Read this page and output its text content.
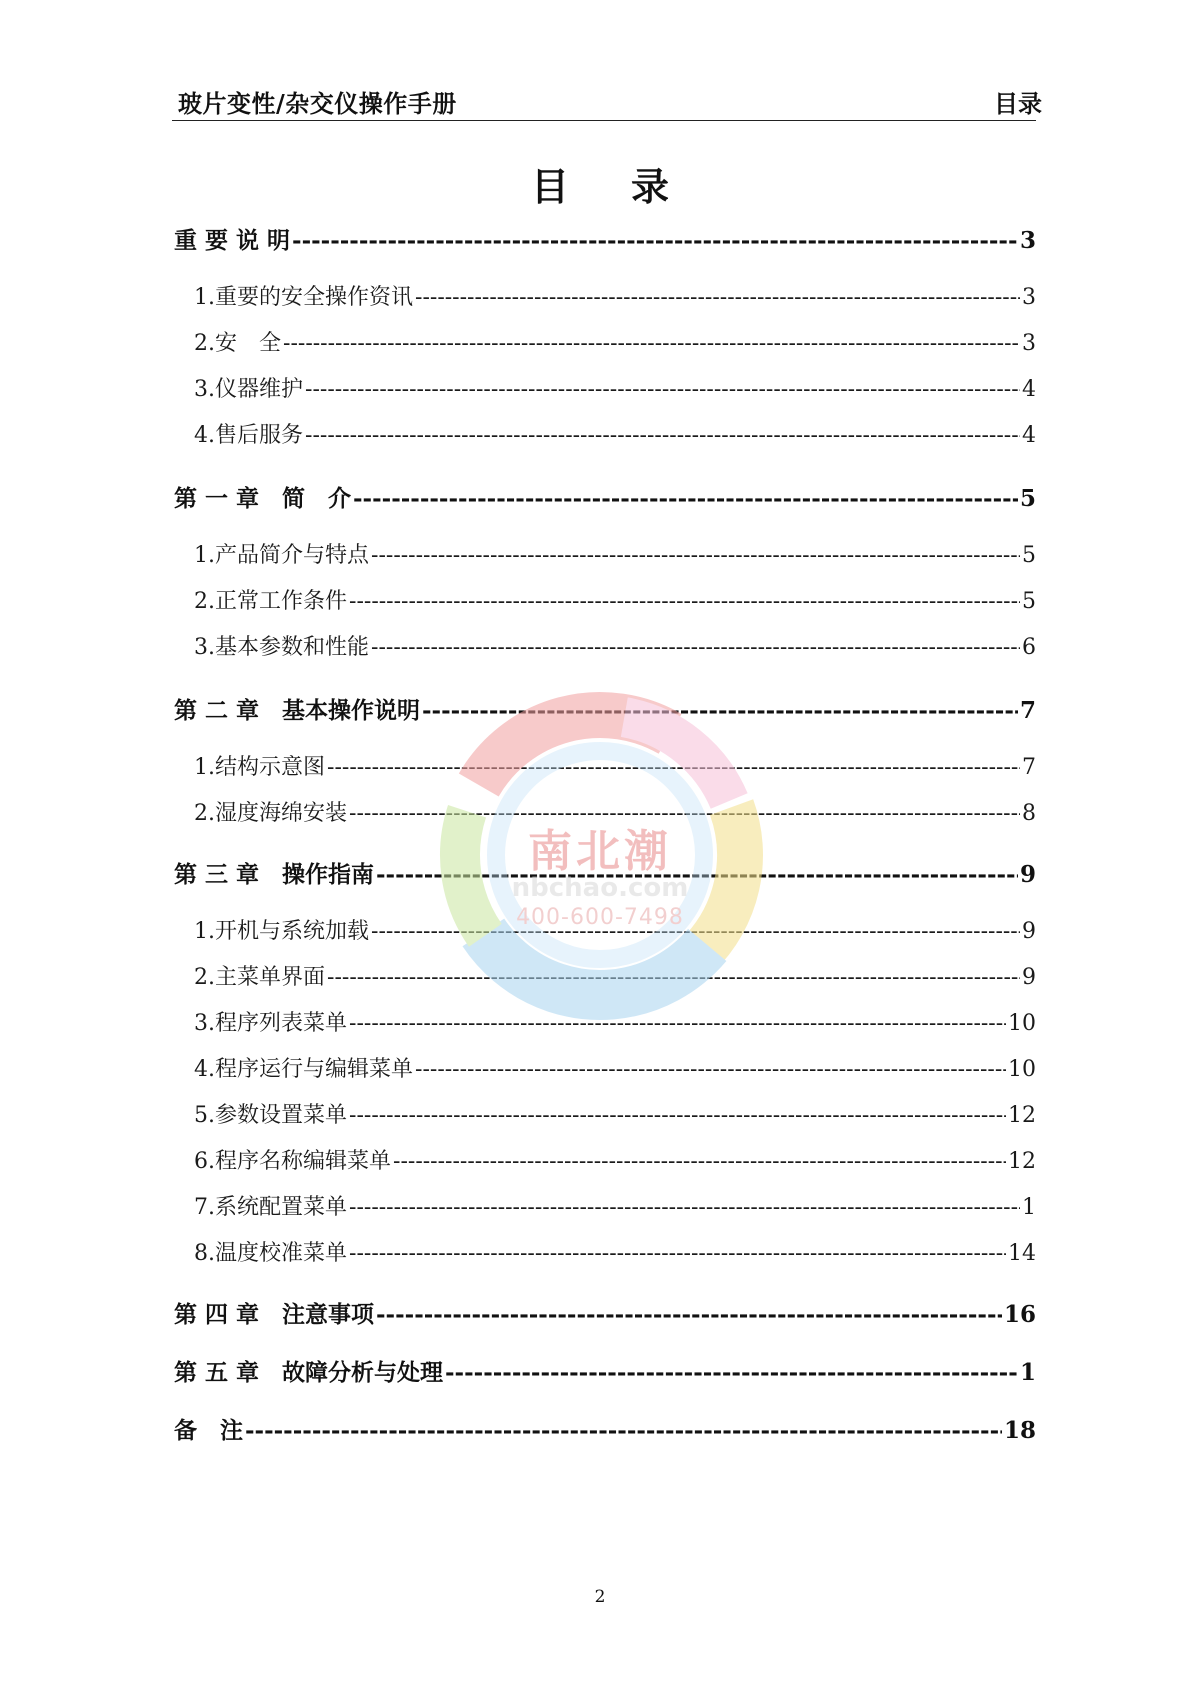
玻片变性/杂交仪操作手册	目录
目录
重 要 说 明 -----	3
1. 重要的安全操作资讯 -----	3
2. 安　全 -----	3
3. 仪器维护 -----	4
4. 售后服务 -----	4
第 一 章　简　介 -----	5
1. 产品简介与特点 -----	5
2. 正常工作条件 -----	5
3. 基本参数和性能 -----	6
第 二 章　基本操作说明 -----	7
1. 结构示意图 -----	7
2. 湿度海绵安装 -----	8
第 三 章　操作指南 -----	9
1. 开机与系统加载 -----	9
2. 主菜单界面 -----	9
3. 程序列表菜单 -----	10
4. 程序运行与编辑菜单 -----	10
5. 参数设置菜单 -----	12
6. 程序名称编辑菜单 -----	12
7. 系统配置菜单 -----	1
8. 温度校准菜单 -----	14
第 四 章　注意事项 -----	16
第 五 章　故障分析与处理 -----	1
备　注 -----	18
南北潮
nbchao.com
400-600-7498
2
